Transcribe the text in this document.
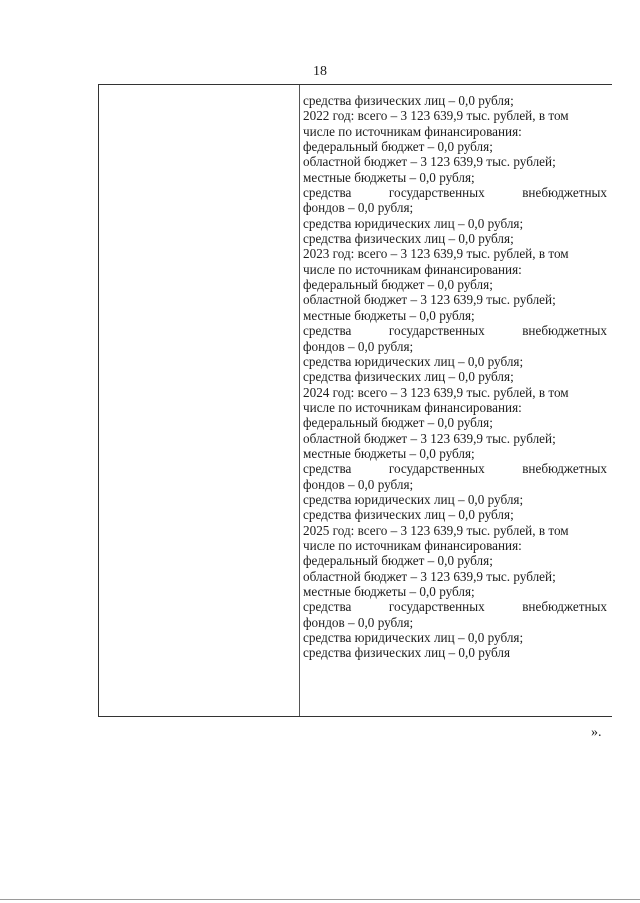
18
средства физических лиц – 0,0 рубля;
2022 год: всего – 3 123 639,9 тыс. рублей, в том
числе по источникам финансирования:
федеральный бюджет – 0,0 рубля;
областной бюджет – 3 123 639,9 тыс. рублей;
местные бюджеты – 0,0 рубля;
средства	государственных	внебюджетных
фондов – 0,0 рубля;
средства юридических лиц – 0,0 рубля;
средства физических лиц – 0,0 рубля;
2023 год: всего – 3 123 639,9 тыс. рублей, в том
числе по источникам финансирования:
федеральный бюджет – 0,0 рубля;
областной бюджет – 3 123 639,9 тыс. рублей;
местные бюджеты – 0,0 рубля;
средства	государственных	внебюджетных
фондов – 0,0 рубля;
средства юридических лиц – 0,0 рубля;
средства физических лиц – 0,0 рубля;
2024 год: всего – 3 123 639,9 тыс. рублей, в том
числе по источникам финансирования:
федеральный бюджет – 0,0 рубля;
областной бюджет – 3 123 639,9 тыс. рублей;
местные бюджеты – 0,0 рубля;
средства	государственных	внебюджетных
фондов – 0,0 рубля;
средства юридических лиц – 0,0 рубля;
средства физических лиц – 0,0 рубля;
2025 год: всего – 3 123 639,9 тыс. рублей, в том
числе по источникам финансирования:
федеральный бюджет – 0,0 рубля;
областной бюджет – 3 123 639,9 тыс. рублей;
местные бюджеты – 0,0 рубля;
средства	государственных	внебюджетных
фондов – 0,0 рубля;
средства юридических лиц – 0,0 рубля;
средства физических лиц – 0,0 рубля
».
